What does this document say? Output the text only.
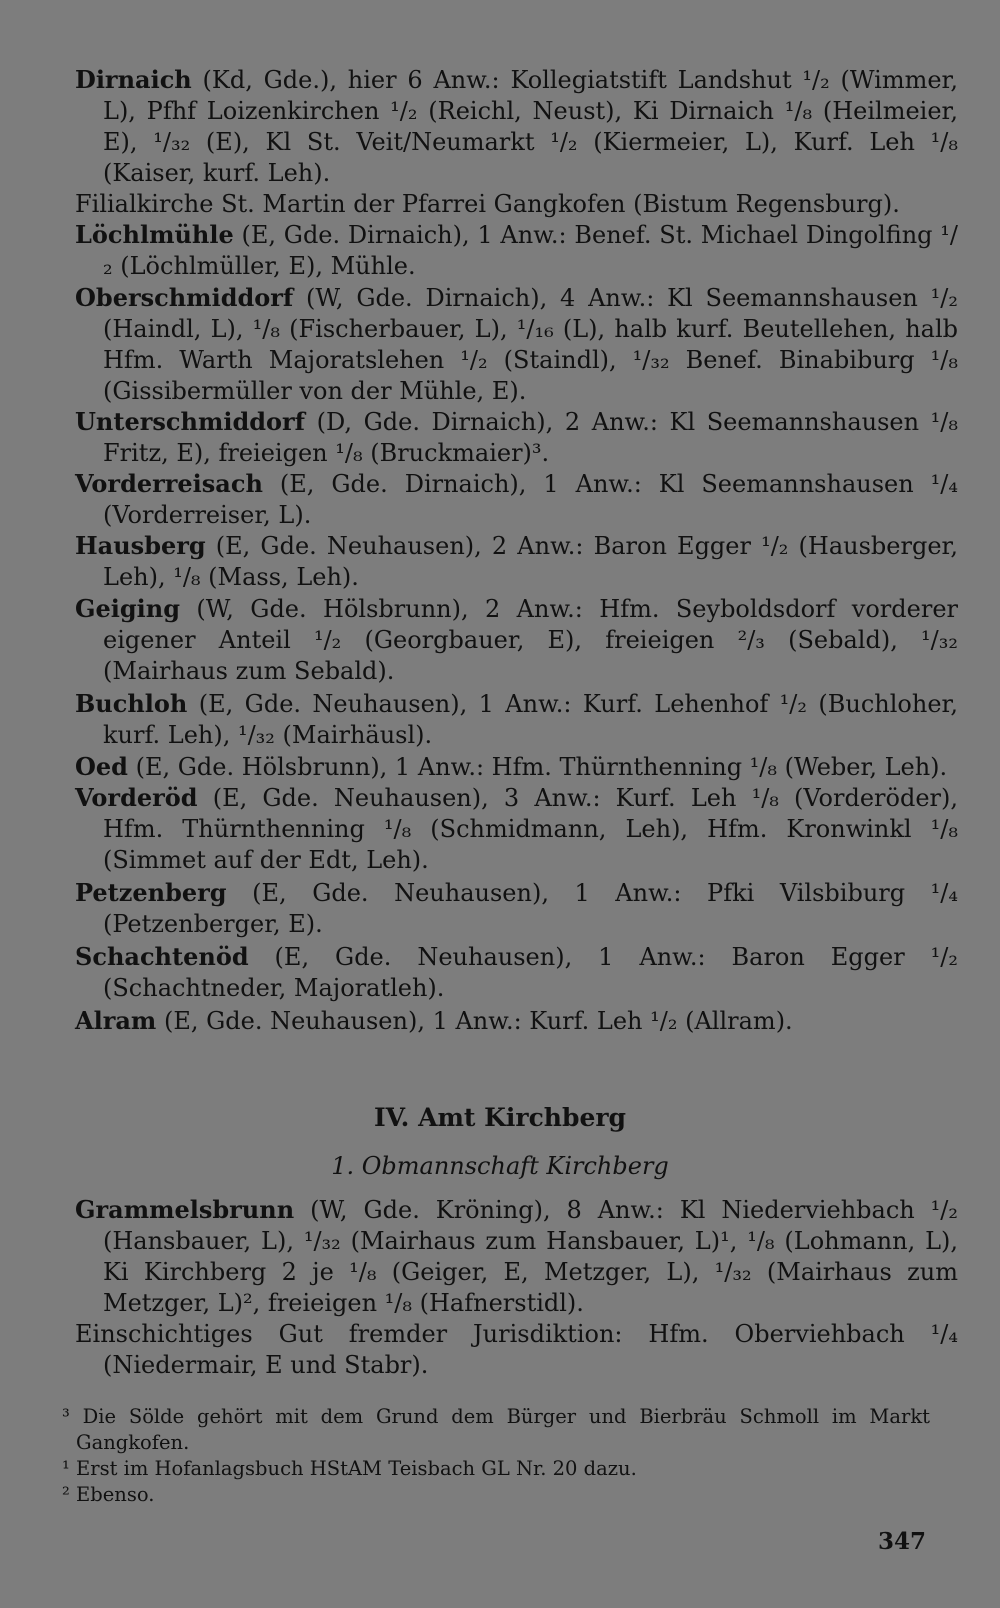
Dirnaich (Kd, Gde.), hier 6 Anw.: Kollegiatstift Landshut ¹/₂ (Wimmer, L), Pfhf Loizenkirchen ¹/₂ (Reichl, Neust), Ki Dirnaich ¹/₈ (Heilmeier, E), ¹/₃₂ (E), Kl St. Veit/Neumarkt ¹/₂ (Kiermeier, L), Kurf. Leh ¹/₈ (Kaiser, kurf. Leh).

Filialkirche St. Martin der Pfarrei Gangkofen (Bistum Regensburg).

Löchlmühle (E, Gde. Dirnaich), 1 Anw.: Benef. St. Michael Dingolfing ¹/₂ (Löchlmüller, E), Mühle.
Oberschmiddorf (W, Gde. Dirnaich), 4 Anw.: Kl Seemannshausen ¹/₂ (Haindl, L), ¹/₈ (Fischerbauer, L), ¹/₁₆ (L), halb kurf. Beutellehen, halb Hfm. Warth Majoratslehen ¹/₂ (Staindl), ¹/₃₂ Benef. Binabiburg ¹/₈ (Gissibermüller von der Mühle, E).
Unterschmiddorf (D, Gde. Dirnaich), 2 Anw.: Kl Seemannshausen ¹/₈ Fritz, E), freieigen ¹/₈ (Bruckmaier)³.
Vorderreisach (E, Gde. Dirnaich), 1 Anw.: Kl Seemannshausen ¹/₄ (Vorderreiser, L).
Hausberg (E, Gde. Neuhausen), 2 Anw.: Baron Egger ¹/₂ (Hausberger, Leh), ¹/₈ (Mass, Leh).
Geiging (W, Gde. Hölsbrunn), 2 Anw.: Hfm. Seyboldsdorf vorderer eigener Anteil ¹/₂ (Georgbauer, E), freieigen ²/₃ (Sebald), ¹/₃₂ (Mairhaus zum Sebald).
Buchloh (E, Gde. Neuhausen), 1 Anw.: Kurf. Lehenhof ¹/₂ (Buchloher, kurf. Leh), ¹/₃₂ (Mairhäusl).
Oed (E, Gde. Hölsbrunn), 1 Anw.: Hfm. Thürnthenning ¹/₈ (Weber, Leh).
Vorderöd (E, Gde. Neuhausen), 3 Anw.: Kurf. Leh ¹/₈ (Vorderöder), Hfm. Thürnthenning ¹/₈ (Schmidmann, Leh), Hfm. Kronwinkl ¹/₈ (Simmet auf der Edt, Leh).
Petzenberg (E, Gde. Neuhausen), 1 Anw.: Pfki Vilsbiburg ¹/₄ (Petzenberger, E).
Schachtenöd (E, Gde. Neuhausen), 1 Anw.: Baron Egger ¹/₂ (Schachtneder, Majoratleh).
Alram (E, Gde. Neuhausen), 1 Anw.: Kurf. Leh ¹/₂ (Allram).
IV. Amt Kirchberg
1. Obmannschaft Kirchberg
Grammelsbrunn (W, Gde. Kröning), 8 Anw.: Kl Niederviehbach ¹/₂ (Hansbauer, L), ¹/₃₂ (Mairhaus zum Hansbauer, L)¹, ¹/₈ (Lohmann, L), Ki Kirchberg 2 je ¹/₈ (Geiger, E, Metzger, L), ¹/₃₂ (Mairhaus zum Metzger, L)², freieigen ¹/₈ (Hafnerstidl).

Einschichtiges Gut fremder Jurisdiktion: Hfm. Oberviehbach ¹/₄ (Niedermair, E und Stabr).

³ Die Sölde gehört mit dem Grund dem Bürger und Bierbräu Schmoll im Markt Gangkofen.

¹ Erst im Hofanlagsbuch HStAM Teisbach GL Nr. 20 dazu.

² Ebenso.

347
